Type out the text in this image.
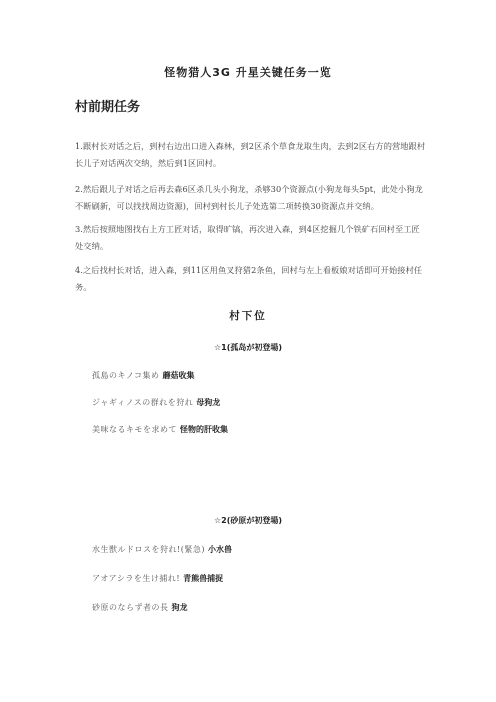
怪物猎人3G 升星关键任务一览
村前期任务

1.跟村长对话之后，到村右边出口进入森林，到2区杀个草食龙取生肉，去到2区右方的营地跟村长儿子对话两次交纳，然后到1区回村。

2.然后跟儿子对话之后再去森6区杀几头小狗龙，杀够30个资源点(小狗龙每头5pt，此处小狗龙不断刷新，可以找找周边资源)，回村到村长儿子处选第二项转换30资源点并交纳。

3.然后按照地图找右上方工匠对话，取得旷镐，再次进入森，到4区挖掘几个铁矿石回村至工匠处交纳。

4.之后找村长对话，进入森，到11区用鱼叉狩猎2条鱼，回村与左上看板娘对话即可开始接村任务。

村下位
☆1(孤岛が初登場)
孤島のキノコ集め 蘑菇收集
ジャギィノスの群れを狩れ 母狗龙
美味なるキモを求めて 怪物的肝收集
☆2(砂原が初登場)
水生獣ルドロスを狩れ!(緊急) 小水兽
アオアシラを生け捕れ! 青熊兽捕捉
砂原のならず者の長 狗龙
